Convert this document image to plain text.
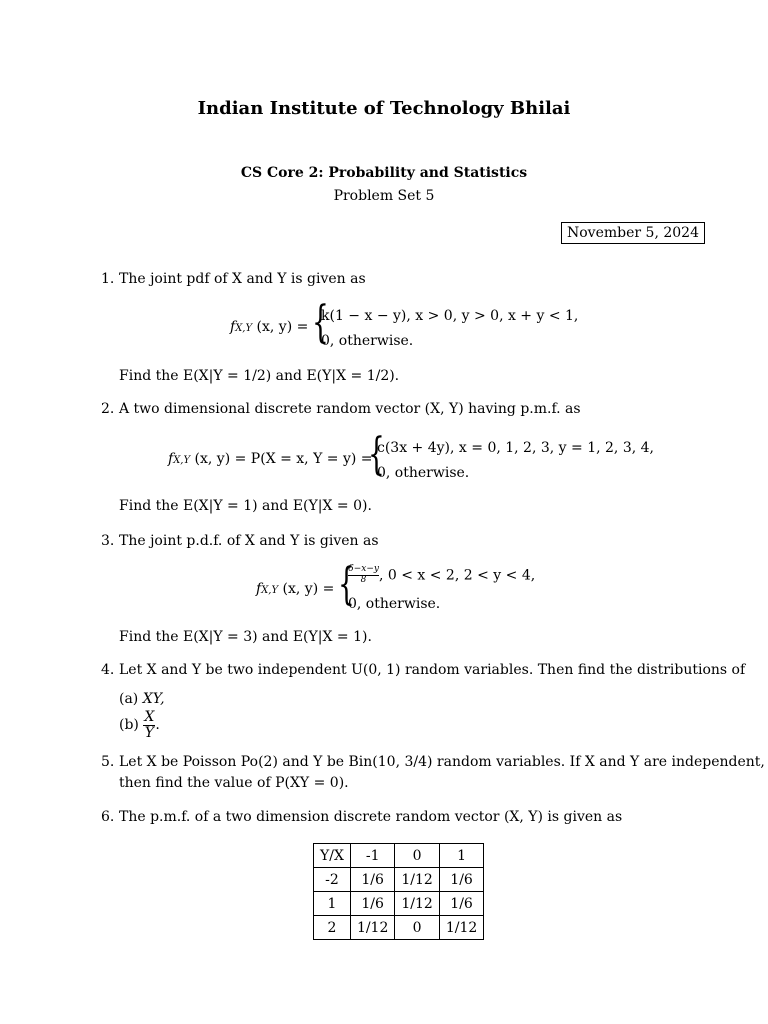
Indian Institute of Technology Bhilai
CS Core 2: Probability and Statistics
Problem Set 5
November 5, 2024
1. The joint pdf of X and Y is given as
fX,Y (x, y) = {
k(1 − x − y), x > 0, y > 0, x + y < 1,
0, otherwise.
Find the E(X|Y = 1/2) and E(Y|X = 1/2).
2. A two dimensional discrete random vector (X, Y) having p.m.f. as
fX,Y (x, y) = P(X = x, Y = y) =
{
c(3x + 4y), x = 0, 1, 2, 3, y = 1, 2, 3, 4,
0, otherwise.
Find the E(X|Y = 1) and E(Y|X = 0).
3. The joint p.d.f. of X and Y is given as
fX,Y (x, y) = {
$\frac{6-x-y}{8}$ , 0 < x < 2, 2 < y < 4,
0, otherwise.
Find the E(X|Y = 3) and E(Y|X = 1).
4. Let X and Y be two independent U(0, 1) random variables. Then find the distributions of
(a) XY,
$(b) \frac{X}{Y}$ .
5. Let X be Poisson Po(2) and Y be Bin(10, 3/4) random variables. If X and Y are independent,
then find the value of P(XY = 0).
6. The p.m.f. of a two dimension discrete random vector (X, Y) is given as
Y/X	-1	0	1
-2	1/6	1/12	1/6
1	1/6	1/12	1/6
2	1/12	0	1/12
